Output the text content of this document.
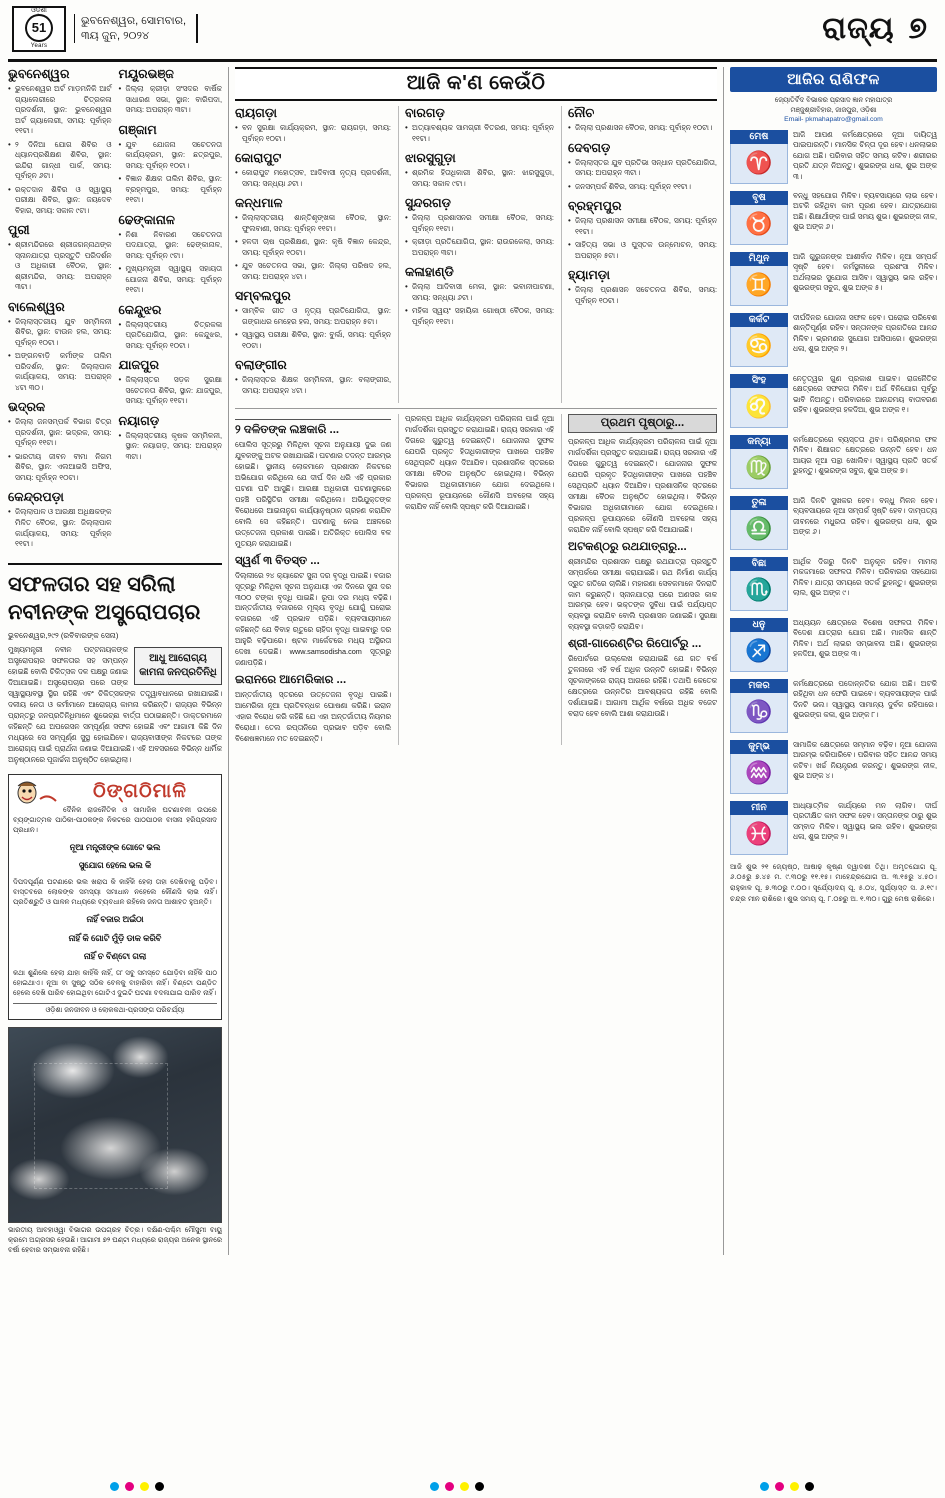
ଓଡ଼ିଶା
51
Years
ଭୁବନେଶ୍ୱର, ସୋମବାର,
୩ୟ ଜୁନ, ୨୦୨୪	ରାଜ୍ୟ ୭
ଭୁବନେଶ୍ୱର
• ଭୁବନେଶ୍ୱର ଅର୍ଟ ମାଡ଼ମନିକି ଆର୍ଟ ଗ୍ୟାଲେରୀରେ ଚିତ୍ରକଳା ପ୍ରଦର୍ଶନୀ, ସ୍ଥାନ: ଭୁବନେଶ୍ୱର ଅର୍ଟ ଗ୍ୟାଲେରୀ, ସମୟ: ପୂର୍ବାହ୍ନ ୧୧ଟା।
• ୨ ଦିନିଆ ଯୋଗ ଶିବିର ଓ ଧ୍ୟାନପ୍ରଶିକ୍ଷଣ ଶିବିର, ସ୍ଥାନ: ଇନ୍ଦିରା ଗାନ୍ଧୀ ପାର୍କ, ସମୟ: ପୂର୍ବାହ୍ନ ୬ଟା।
• ରକ୍ତଦାନ ଶିବିର ଓ ସ୍ୱାସ୍ଥ୍ୟ ପରୀକ୍ଷା ଶିବିର, ସ୍ଥାନ: ଜୟଦେବ ବିହାର, ସମୟ: ସକାଳ ୯ଟା।
ପୁରୀ
• ଶ୍ରୀମନ୍ଦିରରେ ଶ୍ରୀଜଗନ୍ନାଥଙ୍କ ସ୍ନାନଯାତ୍ରା ପ୍ରସ୍ତୁତି ପରିଦର୍ଶନ ଓ ଅଧିକାରୀ ବୈଠକ, ସ୍ଥାନ: ଶ୍ରୀମନ୍ଦିର, ସମୟ: ଅପରାହ୍ନ ୩ଟା।
ବାଲେଶ୍ୱର
• ଜିଲ୍ଲାସ୍ତରୀୟ ଯୁବ ସମ୍ମିଳନୀ ଶିବିର, ସ୍ଥାନ: ଟାଉନ ହଲ, ସମୟ: ପୂର୍ବାହ୍ନ ୧୦ଟା।
• ଅଙ୍ଗନବାଡ଼ି କର୍ମୀଙ୍କ ତାଲିମ ପରିଦର୍ଶନ, ସ୍ଥାନ: ଜିଲ୍ଲାପାଳ କାର୍ଯ୍ୟାଳୟ, ସମୟ: ଅପରାହ୍ନ ୪ଟା ୩୦।
ଭଦ୍ରକ
• ଜିଲ୍ଲା ଜନସମ୍ପର୍କ ବିଭାଗ ଚିତ୍ର ପ୍ରଦର୍ଶନୀ, ସ୍ଥାନ: ଭଦ୍ରକ, ସମୟ: ପୂର୍ବାହ୍ନ ୧୧ଟା।
• ଭାରତୀୟ ଜୀବନ ବୀମା ନିଗମ ଶିବିର, ସ୍ଥାନ: ଏଲଆଇସି ଅଫିସ, ସମୟ: ପୂର୍ବାହ୍ନ ୧୦ଟା।
କେନ୍ଦ୍ରପଡ଼ା
• ଜିଲ୍ଲାପାଳ ଓ ଆରକ୍ଷୀ ଅଧିକ୍ଷକଙ୍କ ମିଳିତ ବୈଠକ, ସ୍ଥାନ: ଜିଲ୍ଲାପାଳ କାର୍ଯ୍ୟାଳୟ, ସମୟ: ପୂର୍ବାହ୍ନ ୧୧ଟା।
ମୟୂରଭଞ୍ଜ
• ଜିଲ୍ଲା କ୍ରୀଡ଼ା ସଂସଦର ବାର୍ଷିକ ସାଧାରଣ ସଭା, ସ୍ଥାନ: ବାରିପଦା, ସମୟ: ଅପରାହ୍ନ ୩ଟା।
ଗଞ୍ଜାମ
• ଯୁବ ଯୋଜନା ସଚେତନତା କାର୍ଯ୍ୟକ୍ରମ, ସ୍ଥାନ: ଛତ୍ରପୁର, ସମୟ: ପୂର୍ବାହ୍ନ ୧୦ଟା।
• ବିଜ୍ଞାନ ଶିକ୍ଷକ ତାଲିମ ଶିବିର, ସ୍ଥାନ: ବ୍ରହ୍ମପୁର, ସମୟ: ପୂର୍ବାହ୍ନ ୧୧ଟା।
ଢେଙ୍କାନାଳ
• ନିଶା ନିବାରଣ ସଚେତନତା ପଦଯାତ୍ରା, ସ୍ଥାନ: ଢେଙ୍କାନାଳ, ସମୟ: ପୂର୍ବାହ୍ନ ୯ଟା।
• ମୁଖ୍ୟମନ୍ତ୍ରୀ ସ୍ୱାସ୍ଥ୍ୟ ସହାୟତା ଯୋଜନା ଶିବିର, ସମୟ: ପୂର୍ବାହ୍ନ ୧୧ଟା।
କେନ୍ଦୁଝର
• ଜିଲ୍ଲାସ୍ତରୀୟ ଚିତ୍ରକଳା ପ୍ରତିଯୋଗିତା, ସ୍ଥାନ: କେନ୍ଦୁଝର, ସମୟ: ପୂର୍ବାହ୍ନ ୧୦ଟା।
ଯାଜପୁର
• ଜିଲ୍ଲାସ୍ତର ସଡ଼କ ସୁରକ୍ଷା ସଚେତନତା ଶିବିର, ସ୍ଥାନ: ଯାଜପୁର, ସମୟ: ପୂର୍ବାହ୍ନ ୧୧ଟା।
ନୟାଗଡ଼
• ଜିଲ୍ଲାସ୍ତରୀୟ କୃଷକ ସମ୍ମିଳନୀ, ସ୍ଥାନ: ନୟାଗଡ଼, ସମୟ: ଅପରାହ୍ନ ୩ଟା।
ସଫଳତାର ସହ ସରିଲା
ନବୀନଙ୍କ ଅସ୍ତ୍ରୋପଚାର
ଭୁବନେଶ୍ୱର,୨୯୨ (ରବିବାରଙ୍କ ସେନା)
ଆଧୁ ଆରୋଗ୍ୟ କାମନା ଜନପ୍ରତିନିଧି
ମୁଖ୍ୟମନ୍ତ୍ରୀ ନବୀନ ପଟ୍ଟନାୟକଙ୍କ ଅସ୍ତ୍ରୋପଚାର ସଫଳତାର ସହ ସମ୍ପନ୍ନ ହୋଇଛି ବୋଲି ଚିକିତ୍ସକ ଦଳ ପକ୍ଷରୁ ଜଣାଇ ଦିଆଯାଇଛି। ଅସ୍ତ୍ରୋପଚାର ପରେ ତାଙ୍କ ସ୍ୱାସ୍ଥ୍ୟାବସ୍ଥା ସ୍ଥିର ରହିଛି ଏବଂ ଚିକିତ୍ସକଙ୍କ ତତ୍ତ୍ୱାବଧାନରେ ରଖାଯାଇଛି। ଦଳୀୟ ନେତା ଓ କର୍ମୀମାନେ ଆରୋଗ୍ୟ କାମନା କରିଛନ୍ତି। ରାଜ୍ୟର ବିଭିନ୍ନ ପ୍ରାନ୍ତରୁ ଜନପ୍ରତିନିଧିମାନେ ଶୁଭେଚ୍ଛା ବାର୍ତ୍ତା ପଠାଇଛନ୍ତି। ଡାକ୍ତରମାନେ କହିଛନ୍ତି ଯେ ଅପରେସନ ସମ୍ପୂର୍ଣ୍ଣ ସଫଳ ହୋଇଛି ଏବଂ ଆଗାମୀ କିଛି ଦିନ ମଧ୍ୟରେ ସେ ସମ୍ପୂର୍ଣ୍ଣ ସୁସ୍ଥ ହୋଇଯିବେ। ରାଜ୍ୟବାସୀଙ୍କ ନିକଟରେ ତାଙ୍କ ଆରୋଗ୍ୟ ପାଇଁ ପ୍ରାର୍ଥନା ଜଣାଇ ଦିଆଯାଇଛି। ଏହି ଅବସରରେ ବିଭିନ୍ନ ଧାର୍ମିକ ଅନୁଷ୍ଠାନରେ ପୂଜାର୍ଚ୍ଚନା ଅନୁଷ୍ଠିତ ହୋଇଥିଲା।
ଠିଙ୍ଗଠିମାଳି
ଦୈନିକ ରାଜନୈତିକ ଓ ସାମାଜିକ ଘଟଣାବଳୀ ଉପରେ ବ୍ୟଙ୍ଗାତ୍ମକ ପାଠିକା-ପାଠକଙ୍କ ନିକଟରେ ପାଠପାଠକ ବାସନା ହରିପ୍ରସାଦ ପ୍ରଧାନ।
ନୂଆ ମନ୍ତ୍ରୀଙ୍କ ଗୋଟେ ଭଲ
ସୁଯୋଗ ହେଲେ ଭଲ କି
ଦିପଦପୂର୍ଣ୍ଣ ଘଟଣାରେ ଭଲ ଖରାପ କି କାହିଁକି ହେଲା ତାହା ଦେଖିବାକୁ ପଡ଼ିବ। ବାସ୍ତବରେ ଲୋକଙ୍କ ସମସ୍ୟା ସମାଧାନ ନହେଲେ କୌଣସି ଲାଭ ନାହିଁ। ପ୍ରତିଶ୍ରୁତି ଓ ପାଳନ ମଧ୍ୟରେ ବ୍ୟବଧାନ ରହିଲେ ଜନତା ଆଶାହତ ହୁଅନ୍ତି।
ନାହିଁ ବଜାର ଅଇଁଠା
ନାହିଁ କି ଗୋଟି ମୁଁଡ଼ି ଡାକ କରିବି
ନାହିଁ ଚ ବିଣ୍ଟୋ ଗଲା
କଥା ଶୁଣିଲେ ହେଲା ଯାହା କାହିଁକି ନାହିଁ, ତା' ସବୁ ସମସ୍ତେ ଯୋଡ଼ିବା ନାହିଁକି ପାଠ ହୋଇଥାଏ। ନୂଆ ବା ସୁଷ୍ଠୁ ସଠିକ ବେଳକୁ ବାହାରିବା ନାହିଁ। ବିଣ୍ଟୋ ପଣ୍ଡିତ ହେଲେ ଦେଖି ପାରିବ ହୋଇଥିବା ଗୋଟିଏ ଦୁଇଟି ଘଟଣା ବଦଳାଯାଇ ପାରିବ ନାହିଁ।
ଓଡ଼ିଶା ଜନଜୀବନ ଓ ଲୋକକଥା-ପ୍ରସଙ୍ଗ ପରିଚର୍ଯ୍ୟା
ଭାରତୀୟ ଆବହାଓ୍ୱା ବିଭାଗର ଉପଗ୍ରହ ଚିତ୍ର। ଦକ୍ଷିଣ-ପଶ୍ଚିମ ମୌସୁମୀ ବାୟୁ କ୍ରମେ ଅଗ୍ରସର ହେଉଛି। ଆଗାମୀ ୭୨ ଘଣ୍ଟା ମଧ୍ୟରେ ରାଜ୍ୟର ଅନେକ ସ୍ଥାନରେ ବର୍ଷା ହେବାର ସମ୍ଭାବନା ରହିଛି।
ଆଜି କ'ଣ କେଉଁଠି
ରାୟଗଡ଼ା
• ବନ ସୁରକ୍ଷା କାର୍ଯ୍ୟକ୍ରମ, ସ୍ଥାନ: ରାୟଗଡ଼ା, ସମୟ: ପୂର୍ବାହ୍ନ ୧୦ଟା।
କୋରାପୁଟ
• କୋରାପୁଟ ମହୋତ୍ସବ, ଆଦିବାସୀ ନୃତ୍ୟ ପ୍ରଦର୍ଶନୀ, ସମୟ: ସନ୍ଧ୍ୟା ୬ଟା।
କନ୍ଧମାଳ
• ଜିଲ୍ଲାସ୍ତରୀୟ ଶାନ୍ତିଶୃଙ୍ଖଳା ବୈଠକ, ସ୍ଥାନ: ଫୁଲବାଣୀ, ସମୟ: ପୂର୍ବାହ୍ନ ୧୧ଟା।
• ହଳଦୀ ଚାଷ ପ୍ରଶିକ୍ଷଣ, ସ୍ଥାନ: କୃଷି ବିଜ୍ଞାନ କେନ୍ଦ୍ର, ସମୟ: ପୂର୍ବାହ୍ନ ୧୦ଟା।
• ଯୁବ ସଚେତନତା ସଭା, ସ୍ଥାନ: ଜିଲ୍ଲା ପରିଷଦ ହଲ, ସମୟ: ଅପରାହ୍ନ ୪ଟା।
ସମ୍ବଲପୁର
• ସାମ୍ବିକ ଗୀତ ଓ ନୃତ୍ୟ ପ୍ରତିଯୋଗିତା, ସ୍ଥାନ: ଗଙ୍ଗାଧର ମେହେର ହଲ, ସମୟ: ଅପରାହ୍ନ ୫ଟା।
• ସ୍ୱାସ୍ଥ୍ୟ ପରୀକ୍ଷା ଶିବିର, ସ୍ଥାନ: ବୁର୍ଲା, ସମୟ: ପୂର୍ବାହ୍ନ ୧୦ଟା।
ବଲାଙ୍ଗୀର
• ଜିଲ୍ଲାସ୍ତର ଶିକ୍ଷକ ସମ୍ମିଳନୀ, ସ୍ଥାନ: ବଲାଙ୍ଗୀର, ସମୟ: ଅପରାହ୍ନ ୪ଟା।
ବାରଗଡ଼
• ଅତ୍ୟାବଶ୍ୟକ ସାମଗ୍ରୀ ବିତରଣ, ସମୟ: ପୂର୍ବାହ୍ନ ୧୧ଟା।
ଝାରସୁଗୁଡ଼ା
• ଶ୍ରମିକ ହିତାଧିକାରୀ ଶିବିର, ସ୍ଥାନ: ଝାରସୁଗୁଡ଼ା, ସମୟ: ସକାଳ ୯ଟା।
ସୁନ୍ଦରଗଡ଼
• ଜିଲ୍ଲା ପ୍ରଶାସନର ସମୀକ୍ଷା ବୈଠକ, ସମୟ: ପୂର୍ବାହ୍ନ ୧୧ଟା।
• କ୍ରୀଡ଼ା ପ୍ରତିଯୋଗିତା, ସ୍ଥାନ: ରାଉରକେଲା, ସମୟ: ଅପରାହ୍ନ ୩ଟା।
କଳାହାଣ୍ଡି
• ଜିଲ୍ଲା ଆଦିବାସୀ ମେଳା, ସ୍ଥାନ: ଭବାନୀପାଟଣା, ସମୟ: ସନ୍ଧ୍ୟା ୬ଟା।
• ମହିଳା ସ୍ୱୟଂ ସହାୟିକା ଗୋଷ୍ଠୀ ବୈଠକ, ସମୟ: ପୂର୍ବାହ୍ନ ୧୧ଟା।
ନୌଚ
• ଜିଲ୍ଲା ପ୍ରଶାସନ ବୈଠକ, ସମୟ: ପୂର୍ବାହ୍ନ ୧୦ଟା।
ଦେବଗଡ଼
• ଜିଲ୍ଲାସ୍ତର ଯୁବ ପ୍ରତିଭା ସନ୍ଧାନ ପ୍ରତିଯୋଗିତା, ସମୟ: ଅପରାହ୍ନ ୩ଟା।
• ଜନସମ୍ପର୍କ ଶିବିର, ସମୟ: ପୂର୍ବାହ୍ନ ୧୧ଟା।
ବ୍ରହ୍ମପୁର
• ଜିଲ୍ଲା ପ୍ରଶାସନ ସମୀକ୍ଷା ବୈଠକ, ସମୟ: ପୂର୍ବାହ୍ନ ୧୧ଟା।
• ସାହିତ୍ୟ ସଭା ଓ ପୁସ୍ତକ ଉନ୍ମୋଚନ, ସମୟ: ଅପରାହ୍ନ ୫ଟା।
ହ୍ୟାମଡ଼ା
• ଜିଲ୍ଲା ପ୍ରଶାସନ ସଚେତନତା ଶିବିର, ସମୟ: ପୂର୍ବାହ୍ନ ୧୦ଟା।
୨ ଦଳିତଙ୍କ ଲଞ୍ଚକାରି ...
ପୋଲିସ ସୂତ୍ରରୁ ମିଳିଥିବା ସୂଚନା ଅନୁଯାୟୀ ଦୁଇ ଜଣ ଯୁବକଙ୍କୁ ଅଟକ ରଖାଯାଇଛି। ଘଟଣାର ତଦନ୍ତ ଆରମ୍ଭ ହୋଇଛି। ସ୍ଥାନୀୟ ଲୋକମାନେ ପ୍ରଶାସନ ନିକଟରେ ଅଭିଯୋଗ କରିଥିଲେ ଯେ ଦୀର୍ଘ ଦିନ ଧରି ଏହି ପ୍ରକାର ଘଟଣା ଘଟି ଆସୁଛି। ଆରକ୍ଷୀ ଅଧିକାରୀ ଘଟଣାସ୍ଥଳରେ ପହଞ୍ଚି ପରିସ୍ଥିତିର ସମୀକ୍ଷା କରିଥିଲେ। ଅଭିଯୁକ୍ତଙ୍କ ବିରୋଧରେ ଆଇନାନୁଗ କାର୍ଯ୍ୟାନୁଷ୍ଠାନ ଗ୍ରହଣ କରାଯିବ ବୋଲି ସେ କହିଛନ୍ତି। ଘଟଣାକୁ ନେଇ ଅଞ୍ଚଳରେ ଉତ୍ତେଜନା ପ୍ରକାଶ ପାଇଛି। ଅତିରିକ୍ତ ପୋଲିସ ବଳ ମୁତୟନ କରାଯାଇଛି।
ସ୍ୱର୍ଣ ୩ ବିତସ୍ତ ...
ଦିଲ୍ଲୀରେ ୨୪ କ୍ୟାରେଟ ସୁନା ଦର ବୃଦ୍ଧି ପାଇଛି। ବଜାର ସୂତ୍ରରୁ ମିଳିଥିବା ସୂଚନା ଅନୁଯାୟୀ ଏକ ଦିନରେ ସୁନା ଦର ୩୦୦ ଟଙ୍କା ବୃଦ୍ଧି ପାଇଛି। ରୂପା ଦର ମଧ୍ୟ ବଢ଼ିଛି। ଆନ୍ତର୍ଜାତୀୟ ବଜାରରେ ମୂଲ୍ୟ ବୃଦ୍ଧି ଯୋଗୁଁ ଘରୋଇ ବଜାରରେ ଏହି ପ୍ରଭାବ ପଡ଼ିଛି। ବ୍ୟବସାୟୀମାନେ କହିଛନ୍ତି ଯେ ବିବାହ ଋତୁରେ ଚାହିଦା ବୃଦ୍ଧି ପାଇବାରୁ ଦର ଆହୁରି ବଢ଼ିପାରେ। ଷ୍ଟକ ମାର୍କେଟରେ ମଧ୍ୟ ଅସ୍ଥିରତା ଦେଖା ଦେଇଛି। www.samsodisha.com ସୂତ୍ରରୁ ଜଣାପଡ଼ିଛି।
ଇରାନରେ ଆମେରିକାର ...
ଆନ୍ତର୍ଜାତୀୟ ସ୍ତରରେ ଉତ୍ତେଜନା ବୃଦ୍ଧି ପାଇଛି। ଆମେରିକା ନୂଆ ପ୍ରତିବନ୍ଧକ ଘୋଷଣା କରିଛି। ଇରାନ ଏହାର ବିରୋଧ କରି କହିଛି ଯେ ଏହା ଅନ୍ତର୍ଜାତୀୟ ନିୟମର ବିରୋଧୀ। ତେଲ ରପ୍ତାନିରେ ପ୍ରଭାବ ପଡ଼ିବ ବୋଲି ବିଶେଷଜ୍ଞମାନେ ମତ ଦେଇଛନ୍ତି।
ପ୍ରକଳ୍ପ ଆଧିକ କାର୍ଯ୍ୟକ୍ରମ ପରିଚାଳନା ପାଇଁ ନୂଆ ମାର୍ଗଦର୍ଶିକା ପ୍ରସ୍ତୁତ କରାଯାଇଛି। ରାଜ୍ୟ ସରକାର ଏହି ଦିଗରେ ଗୁରୁତ୍ୱ ଦେଇଛନ୍ତି। ଯୋଜନାର ସୁଫଳ ଯେପରି ପ୍ରକୃତ ହିତାଧିକାରୀଙ୍କ ପାଖରେ ପହଞ୍ଚିବ ସେଥିପ୍ରତି ଧ୍ୟାନ ଦିଆଯିବ। ପ୍ରଶାସନିକ ସ୍ତରରେ ସମୀକ୍ଷା ବୈଠକ ଅନୁଷ୍ଠିତ ହୋଇଥିଲା। ବିଭିନ୍ନ ବିଭାଗର ଅଧିକାରୀମାନେ ଯୋଗ ଦେଇଥିଲେ। ପ୍ରକଳ୍ପ ରୂପାୟନରେ କୌଣସି ଅବହେଳା ସହ୍ୟ କରାଯିବ ନାହିଁ ବୋଲି ସ୍ପଷ୍ଟ କରି ଦିଆଯାଇଛି।
ପ୍ରଥମ ପୃଷ୍ଠାରୁ...
ପ୍ରକଳ୍ପ ଆଧିକ କାର୍ଯ୍ୟକ୍ରମ ପରିଚାଳନା ପାଇଁ ନୂଆ ମାର୍ଗଦର୍ଶିକା ପ୍ରସ୍ତୁତ କରାଯାଇଛି। ରାଜ୍ୟ ସରକାର ଏହି ଦିଗରେ ଗୁରୁତ୍ୱ ଦେଇଛନ୍ତି। ଯୋଜନାର ସୁଫଳ ଯେପରି ପ୍ରକୃତ ହିତାଧିକାରୀଙ୍କ ପାଖରେ ପହଞ୍ଚିବ ସେଥିପ୍ରତି ଧ୍ୟାନ ଦିଆଯିବ। ପ୍ରଶାସନିକ ସ୍ତରରେ ସମୀକ୍ଷା ବୈଠକ ଅନୁଷ୍ଠିତ ହୋଇଥିଲା। ବିଭିନ୍ନ ବିଭାଗର ଅଧିକାରୀମାନେ ଯୋଗ ଦେଇଥିଲେ। ପ୍ରକଳ୍ପ ରୂପାୟନରେ କୌଣସି ଅବହେଳା ସହ୍ୟ କରାଯିବ ନାହିଁ ବୋଲି ସ୍ପଷ୍ଟ କରି ଦିଆଯାଇଛି।
ଅଟକଣ୍ଠରୁ ରଥଯାତ୍ରାରୁ...
ଶ୍ରୀମନ୍ଦିର ପ୍ରଶାସନ ପକ୍ଷରୁ ରଥଯାତ୍ରା ପ୍ରସ୍ତୁତି ସମ୍ପର୍କରେ ସମୀକ୍ଷା କରାଯାଇଛି। ରଥ ନିର୍ମାଣ କାର୍ଯ୍ୟ ଦ୍ରୁତ ଗତିରେ ଚାଲିଛି। ମହାରଣା ସେବକମାନେ ଦିନରାତି କାମ କରୁଛନ୍ତି। ସ୍ନାନଯାତ୍ରା ପରେ ଅଣସର କାଳ ଆରମ୍ଭ ହେବ। ଭକ୍ତଙ୍କ ସୁବିଧା ପାଇଁ ପର୍ଯ୍ୟାପ୍ତ ବ୍ୟବସ୍ଥା କରାଯିବ ବୋଲି ପ୍ରଶାସନ ଜଣାଇଛି। ସୁରକ୍ଷା ବ୍ୟବସ୍ଥା କଡ଼ାକଡ଼ି କରାଯିବ।
ଶ୍ରୀ-ଗାରେଣ୍ଟିର ରିପୋର୍ଟରୁ ...
ରିପୋର୍ଟରେ ଉଲ୍ଲେଖ କରାଯାଇଛି ଯେ ଗତ ବର୍ଷ ତୁଳନାରେ ଏହି ବର୍ଷ ଅଧିକ ଉନ୍ନତି ହୋଇଛି। ବିଭିନ୍ନ ସୂଚକାଙ୍କରେ ରାଜ୍ୟ ଆଗରେ ରହିଛି। ତଥାପି କେତେକ କ୍ଷେତ୍ରରେ ଉନ୍ନତିର ଆବଶ୍ୟକତା ରହିଛି ବୋଲି ଦର୍ଶାଯାଇଛି। ଆଗାମୀ ଆର୍ଥିକ ବର୍ଷରେ ଅଧିକ ବଜେଟ ବରାଦ ହେବ ବୋଲି ଆଶା କରାଯାଉଛି।
ଆଜିର ରାଶିଫଳ
ଜ୍ୟୋତିର୍ବିଦ ବିଭାକର ପ୍ରସାଦ ଜ୍ଞାନ ମହାପାତ୍ର
ମଞ୍ଜୁଶ୍ରୀବିହାର, ଜାଜପୁର, ଓଡ଼ିଶା
Email- pkmahapatro@gmail.com
ମେଷ
♈
ଆଜି ଆପଣ କର୍ମକ୍ଷେତ୍ରରେ ନୂଆ ଦାୟିତ୍ୱ ପାଇପାରନ୍ତି। ମାନସିକ ଚିନ୍ତା ଦୂର ହେବ। ଧନଲାଭର ଯୋଗ ଅଛି। ପରିବାର ସହିତ ସମୟ କଟିବ। ଶରୀରର ପ୍ରତି ଯତ୍ନ ନିଅନ୍ତୁ। ଶୁଭରଙ୍ଗ ଧଳା, ଶୁଭ ଅଙ୍କ ୩।
ବୃଷ
♉
ବନ୍ଧୁ ସହଯୋଗ ମିଳିବ। ବ୍ୟବସାୟରେ ଲାଭ ହେବ। ଅଟକି ରହିଥିବା କାମ ପୂରଣ ହେବ। ଯାତ୍ରାଯୋଗ ଅଛି। ଶିକ୍ଷାର୍ଥୀଙ୍କ ପାଇଁ ସମୟ ଶୁଭ। ଶୁଭରଙ୍ଗ ନୀଳ, ଶୁଭ ଅଙ୍କ ୬।
ମିଥୁନ
♊
ଆଜି ଗୁରୁଜନଙ୍କ ଆଶୀର୍ବାଦ ମିଳିବ। ନୂଆ ସମ୍ପର୍କ ସୃଷ୍ଟି ହେବ। କର୍ମସ୍ଥଳୀରେ ପ୍ରଶଂସା ମିଳିବ। ଅର୍ଥଲାଭର ସୁଯୋଗ ଆସିବ। ସ୍ୱାସ୍ଥ୍ୟ ଭଲ ରହିବ। ଶୁଭରଙ୍ଗ ସବୁଜ, ଶୁଭ ଅଙ୍କ ୫।
କର୍କଟ
♋
ଦୀର୍ଘଦିନର ଯୋଜନା ସଫଳ ହେବ। ଘରୋଇ ପରିବେଶ ଶାନ୍ତିପୂର୍ଣ୍ଣ ରହିବ। ସନ୍ତାନଙ୍କ ପ୍ରଗତିରେ ଆନନ୍ଦ ମିଳିବ। ଭ୍ରମଣର ସୁଯୋଗ ଆସିପାରେ। ଶୁଭରଙ୍ଗ ଧଳା, ଶୁଭ ଅଙ୍କ ୨।
ସିଂହ
♌
ନେତୃତ୍ୱର ଗୁଣ ପ୍ରକାଶ ପାଇବ। ରାଜନୈତିକ କ୍ଷେତ୍ରରେ ସଫଳତା ମିଳିବ। ଅର୍ଥ ବିନିଯୋଗ ପୂର୍ବରୁ ଭାବି ନିଅନ୍ତୁ। ପରିବାରରେ ଆନନ୍ଦମୟ ବାତାବରଣ ରହିବ। ଶୁଭରଙ୍ଗ ହଳଦିଆ, ଶୁଭ ଅଙ୍କ ୧।
କନ୍ୟା
♍
କର୍ମକ୍ଷେତ୍ରରେ ବ୍ୟସ୍ତତା ଥିବ। ପରିଶ୍ରମର ଫଳ ମିଳିବ। ଶିକ୍ଷାଗତ କ୍ଷେତ୍ରରେ ଉନ୍ନତି ହେବ। ଧନ ଆୟର ନୂଆ ପନ୍ଥା ଖୋଲିବ। ସ୍ୱାସ୍ଥ୍ୟ ପ୍ରତି ସତର୍କ ରୁହନ୍ତୁ। ଶୁଭରଙ୍ଗ ସବୁଜ, ଶୁଭ ଅଙ୍କ ୭।
ତୁଳା
♎
ଆଜି ଦିନଟି ସୁଖକର ହେବ। ବନ୍ଧୁ ମିଳନ ହେବ। ବ୍ୟବସାୟରେ ନୂଆ ସମ୍ପର୍କ ସୃଷ୍ଟି ହେବ। ଦାମ୍ପତ୍ୟ ଜୀବନରେ ମଧୁରତା ରହିବ। ଶୁଭରଙ୍ଗ ଧଳା, ଶୁଭ ଅଙ୍କ ୬।
ବିଛା
♏
ଆର୍ଥିକ ଦିଗରୁ ଦିନଟି ଅନୁକୂଳ ରହିବ। ମାମଲା ମକଦ୍ଦମାରେ ସଫଳତା ମିଳିବ। ପରିବାରର ସହଯୋଗ ମିଳିବ। ଯାତ୍ରା ସମୟରେ ସତର୍କ ରୁହନ୍ତୁ। ଶୁଭରଙ୍ଗ ଲାଲ, ଶୁଭ ଅଙ୍କ ୯।
ଧନୁ
♐
ଅଧ୍ୟୟନ କ୍ଷେତ୍ରରେ ବିଶେଷ ସଫଳତା ମିଳିବ। ବିଦେଶ ଯାତ୍ରାର ଯୋଗ ଅଛି। ମାନସିକ ଶାନ୍ତି ମିଳିବ। ଅର୍ଥ ଲାଭର ସମ୍ଭାବନା ଅଛି। ଶୁଭରଙ୍ଗ ହଳଦିଆ, ଶୁଭ ଅଙ୍କ ୩।
ମକର
♑
କର୍ମକ୍ଷେତ୍ରରେ ପଦୋନ୍ନତିର ଯୋଗ ଅଛି। ଅଟକି ରହିଥିବା ଧନ ଫେରି ପାଇବେ। ବ୍ୟବସାୟୀଙ୍କ ପାଇଁ ଦିନଟି ଭଲ। ସ୍ୱାସ୍ଥ୍ୟ ସାମାନ୍ୟ ଦୁର୍ବଳ ରହିପାରେ। ଶୁଭରଙ୍ଗ କଳା, ଶୁଭ ଅଙ୍କ ୮।
କୁମ୍ଭ
♒
ସାମାଜିକ କ୍ଷେତ୍ରରେ ସମ୍ମାନ ବଢ଼ିବ। ନୂଆ ଯୋଜନା ଆରମ୍ଭ କରିପାରିବେ। ପରିବାର ସହିତ ଆନନ୍ଦ ସମୟ କଟିବ। ଖର୍ଚ୍ଚ ନିୟନ୍ତ୍ରଣ କରନ୍ତୁ। ଶୁଭରଙ୍ଗ ନୀଳ, ଶୁଭ ଅଙ୍କ ୪।
ମୀନ
♓
ଆଧ୍ୟାତ୍ମିକ କାର୍ଯ୍ୟରେ ମନ ଲାଗିବ। ଦୀର୍ଘ ପ୍ରତୀକ୍ଷିତ କାମ ସଫଳ ହେବ। ସନ୍ତାନଙ୍କ ଠାରୁ ଶୁଭ ସମ୍ବାଦ ମିଳିବ। ସ୍ୱାସ୍ଥ୍ୟ ଭଲ ରହିବ। ଶୁଭରଙ୍ଗ ଧଳା, ଶୁଭ ଅଙ୍କ ୨।
ଆଜି ଶୁଭ ୨୧ ଜ୍ୟେଷ୍ଠ, ଆଷାଢ଼ କୃଷ୍ଣ ଦ୍ୱାଦଶୀ ତିଥି। ଅମୃତଯୋଗ ପୂ. ୬.୦୫ରୁ ୭.୪୫ ମ. ୯.୩୦ରୁ ୧୧.୧୫। ମାହେନ୍ଦ୍ରଯୋଗ ଅ. ୩.୧୫ରୁ ୪.୫୦। ରାହୁକାଳ ପୂ. ୭.୩୦ରୁ ୯.୦୦। ସୂର୍ଯ୍ୟୋଦୟ ପୂ. ୫.୦୪, ସୂର୍ଯ୍ୟାସ୍ତ ସ. ୬.୧୯। ଚନ୍ଦ୍ର ମୀନ ରାଶିରେ। ଶୁଭ ସମୟ ପୂ. ୮.୦୭ରୁ ଅ. ୧.୩୦। ଗୁରୁ ମେଷ ରାଶିରେ।
